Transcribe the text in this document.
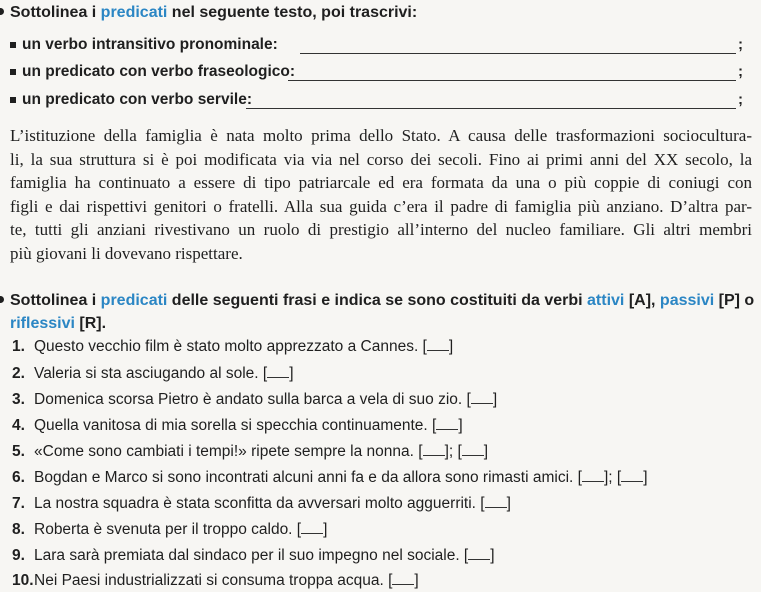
Sottolinea i predicati nel seguente testo, poi trascrivi:
un verbo intransitivo pronominale:	;
un predicato con verbo fraseologico:	;
un predicato con verbo servile:	;
L’istituzione della famiglia è nata molto prima dello Stato. A causa delle trasformazioni sociocultura-
li, la sua struttura si è poi modificata via via nel corso dei secoli. Fino ai primi anni del XX secolo, la
famiglia ha continuato a essere di tipo patriarcale ed era formata da una o più coppie di coniugi con
figli e dai rispettivi genitori o fratelli. Alla sua guida c’era il padre di famiglia più anziano. D’altra par-
te, tutti gli anziani rivestivano un ruolo di prestigio all’interno del nucleo familiare. Gli altri membri
più giovani li dovevano rispettare.
Sottolinea i predicati delle seguenti frasi e indica se sono costituiti da verbi attivi [A], passivi [P] o
riflessivi [R].
1. Questo vecchio film è stato molto apprezzato a Cannes. [ ]
2. Valeria si sta asciugando al sole. [ ]
3. Domenica scorsa Pietro è andato sulla barca a vela di suo zio. [ ]
4. Quella vanitosa di mia sorella si specchia continuamente. [ ]
5. «Come sono cambiati i tempi!» ripete sempre la nonna. [ ]; [ ]
6. Bogdan e Marco si sono incontrati alcuni anni fa e da allora sono rimasti amici. [ ]; [ ]
7. La nostra squadra è stata sconfitta da avversari molto agguerriti. [ ]
8. Roberta è svenuta per il troppo caldo. [ ]
9. Lara sarà premiata dal sindaco per il suo impegno nel sociale. [ ]
10.Nei Paesi industrializzati si consuma troppa acqua. [ ]
